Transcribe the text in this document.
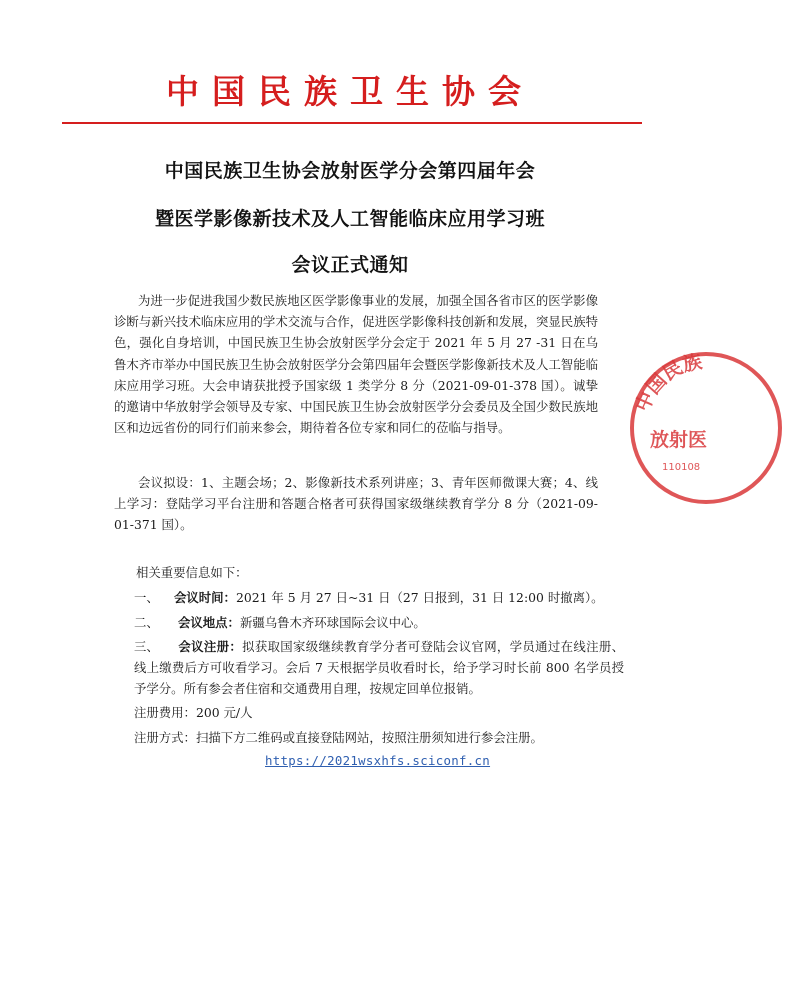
中国民族卫生协会
中国民族卫生协会放射医学分会第四届年会
暨医学影像新技术及人工智能临床应用学习班
会议正式通知
为进一步促进我国少数民族地区医学影像事业的发展，加强全国各省市区的医学影像诊断与新兴技术临床应用的学术交流与合作，促进医学影像科技创新和发展，突显民族特色，强化自身培训，中国民族卫生协会放射医学分会定于 2021 年 5 月 27 -31 日在乌鲁木齐市举办中国民族卫生协会放射医学分会第四届年会暨医学影像新技术及人工智能临床应用学习班。大会申请获批授予国家级 1 类学分 8 分（2021-09-01-378 国）。诚挚的邀请中华放射学会领导及专家、中国民族卫生协会放射医学分会委员及全国少数民族地区和边远省份的同行们前来参会，期待着各位专家和同仁的莅临与指导。
会议拟设：1、主题会场；2、影像新技术系列讲座；3、青年医师微课大赛；4、线上学习：登陆学习平台注册和答题合格者可获得国家级继续教育学分 8 分（2021-09-01-371 国）。
相关重要信息如下：
一、 会议时间：2021 年 5 月 27 日~31 日（27 日报到，31 日 12:00 时撤离）。
二、 会议地点：新疆乌鲁木齐环球国际会议中心。
三、 会议注册：拟获取国家级继续教育学分者可登陆会议官网，学员通过在线注册、线上缴费后方可收看学习。会后 7 天根据学员收看时长，给予学习时长前 800 名学员授予学分。所有参会者住宿和交通费用自理，按规定回单位报销。
注册费用：200 元/人
注册方式：扫描下方二维码或直接登陆网站，按照注册须知进行参会注册。
https://2021wsxhfs.sciconf.cn
中国民族
放射医
110108
